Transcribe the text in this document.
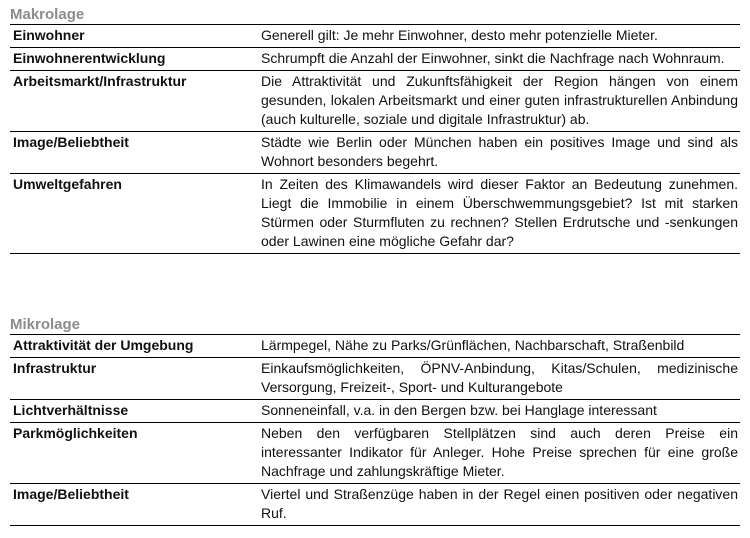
Makrolage
Einwohner	Generell gilt: Je mehr Einwohner, desto mehr potenzielle Mieter.
Einwohnerentwicklung	Schrumpft die Anzahl der Einwohner, sinkt die Nachfrage nach Wohnraum.
Arbeitsmarkt/Infrastruktur	Die Attraktivität und Zukunftsfähigkeit der Region hängen von einem gesunden, lokalen Arbeitsmarkt und einer guten infrastrukturellen Anbindung (auch kulturelle, soziale und digitale Infrastruktur) ab.
Image/Beliebtheit	Städte wie Berlin oder München haben ein positives Image und sind als Wohnort besonders begehrt.
Umweltgefahren	In Zeiten des Klimawandels wird dieser Faktor an Bedeutung zunehmen. Liegt die Immobilie in einem Überschwemmungsgebiet? Ist mit starken Stürmen oder Sturmfluten zu rechnen? Stellen Erdrutsche und -senkungen oder Lawinen eine mögliche Gefahr dar?
Mikrolage
Attraktivität der Umgebung	Lärmpegel, Nähe zu Parks/Grünflächen, Nachbarschaft, Straßenbild
Infrastruktur	Einkaufsmöglichkeiten, ÖPNV-Anbindung, Kitas/Schulen, medizinische Versorgung, Freizeit-, Sport- und Kulturangebote
Lichtverhältnisse	Sonneneinfall, v.a. in den Bergen bzw. bei Hanglage interessant
Parkmöglichkeiten	Neben den verfügbaren Stellplätzen sind auch deren Preise ein interessanter Indikator für Anleger. Hohe Preise sprechen für eine große Nachfrage und zahlungskräftige Mieter.
Image/Beliebtheit	Viertel und Straßenzüge haben in der Regel einen positiven oder negativen Ruf.
